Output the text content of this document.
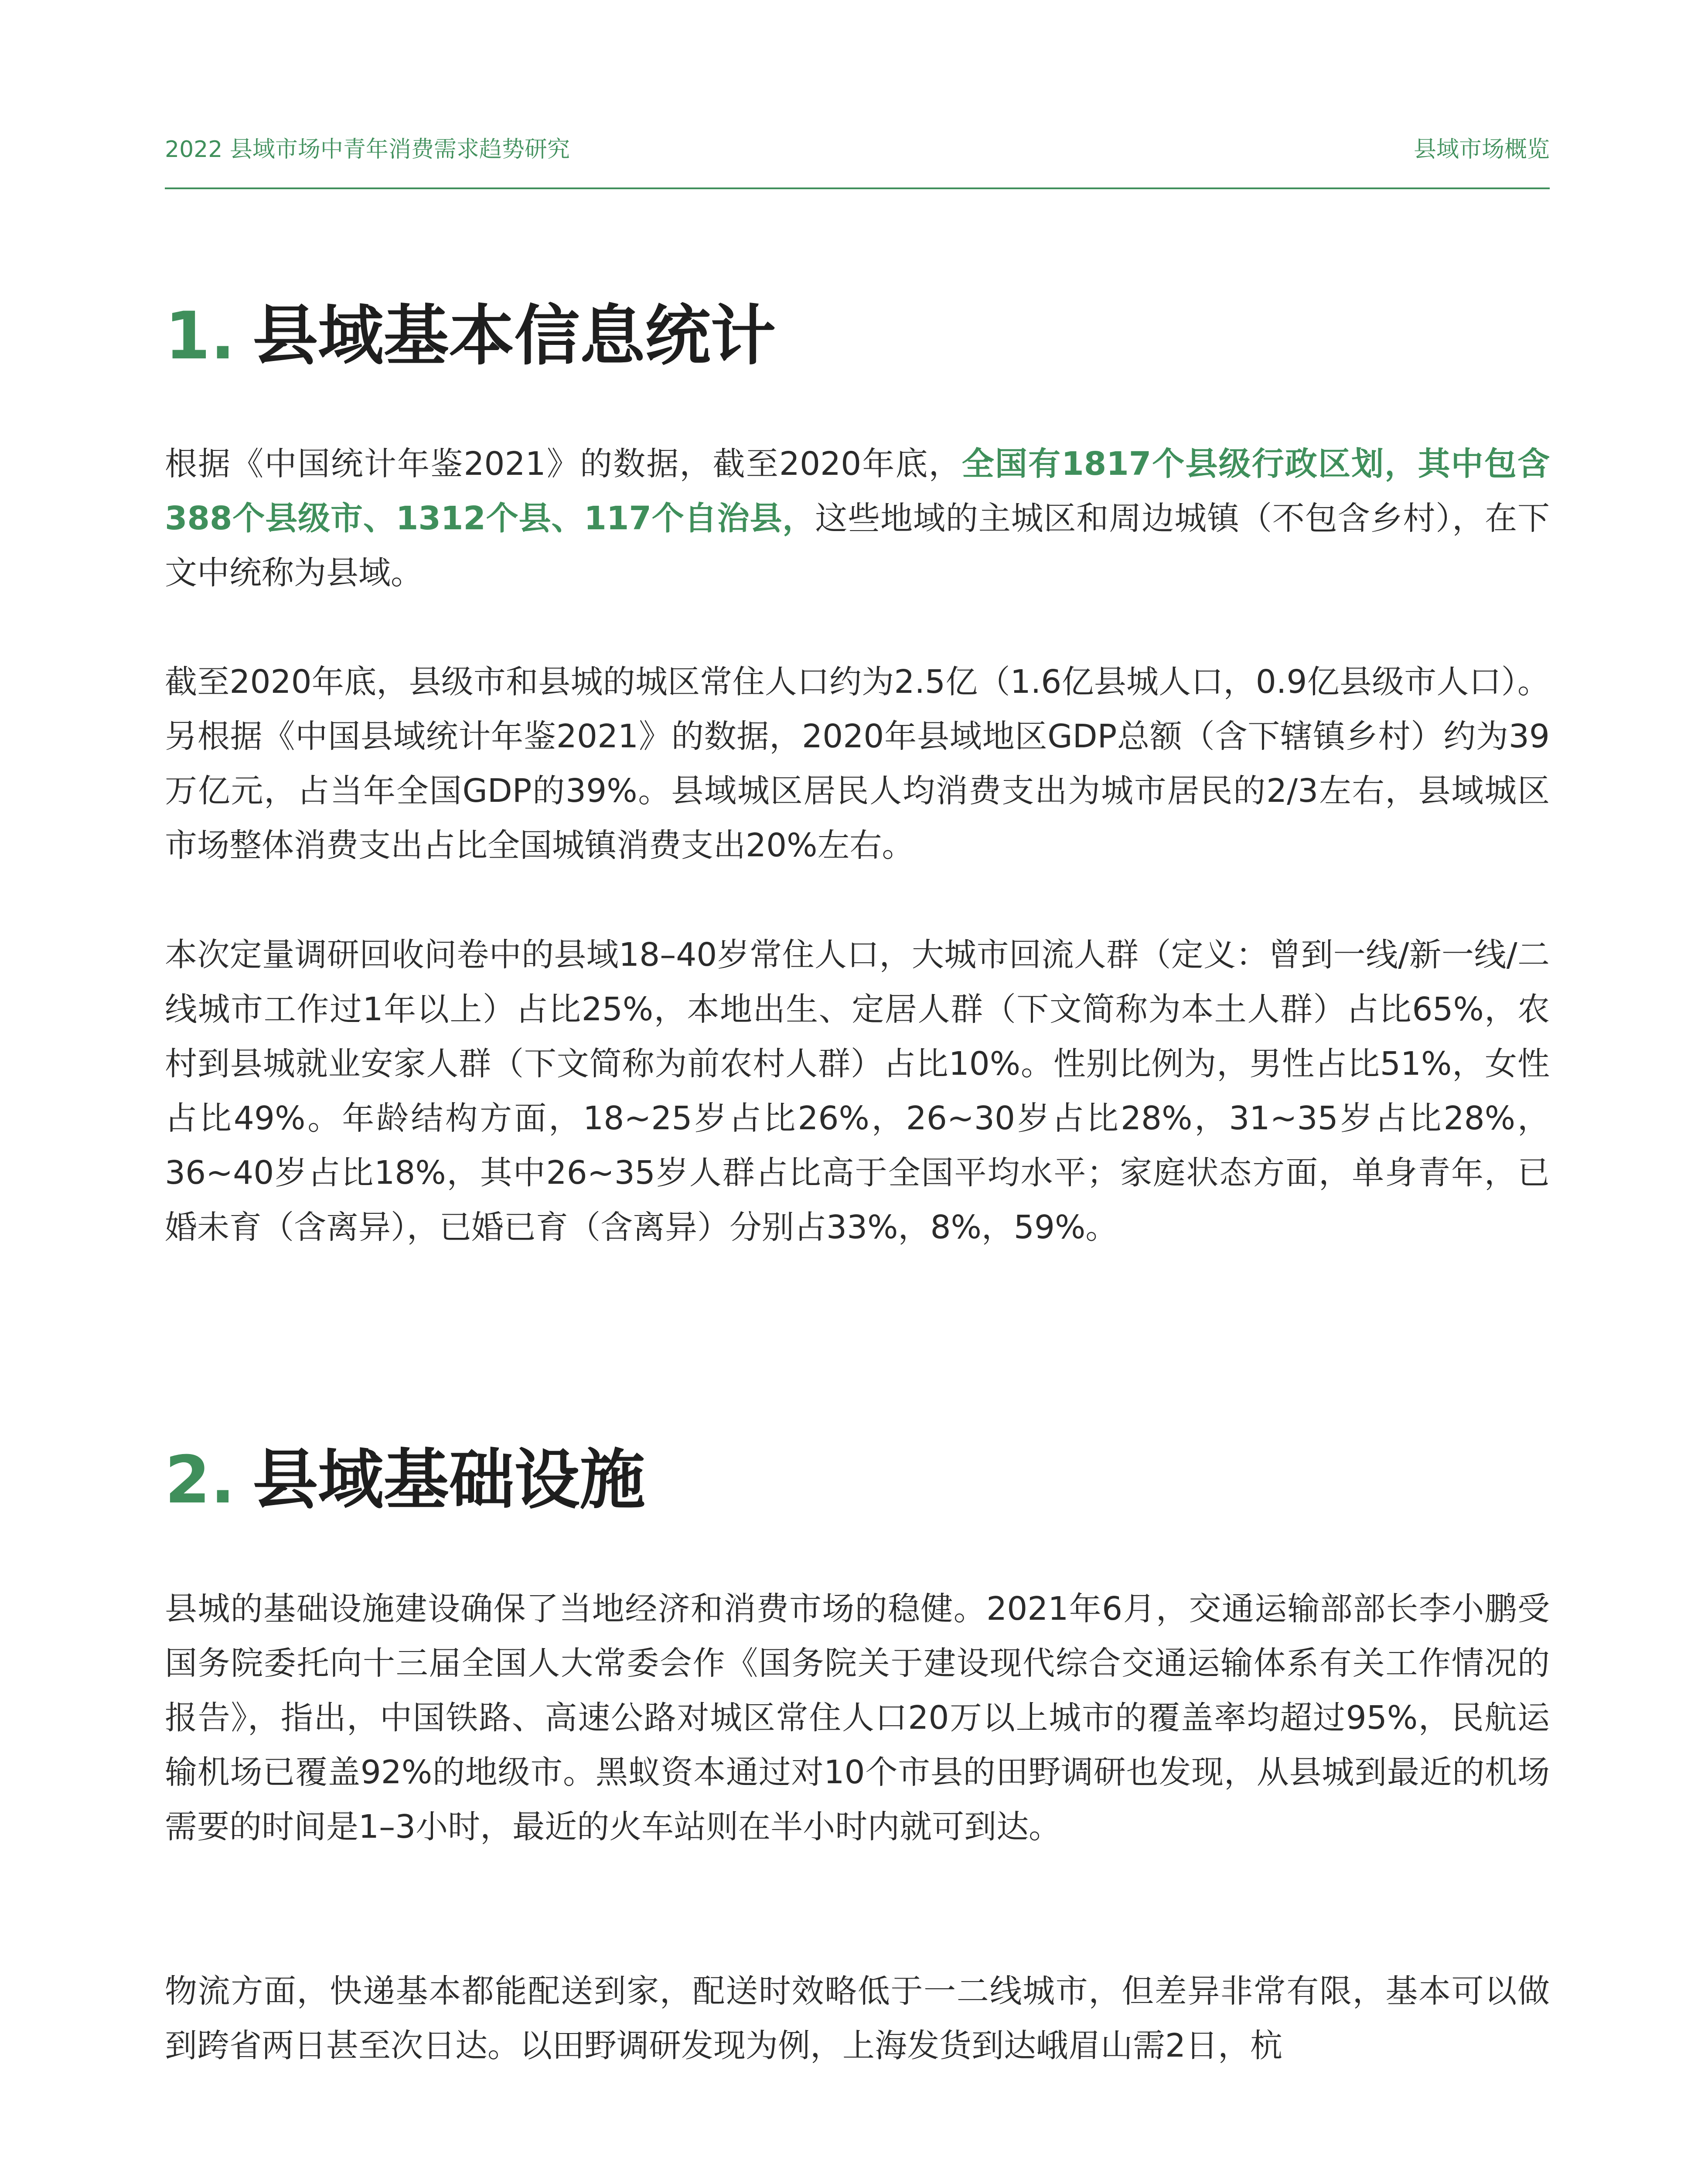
2022 县域市场中青年消费需求趋势研究	县域市场概览
1. 县域基本信息统计

根据《中国统计年鉴2021》的数据，截至2020年底，全国有1817个县级行政区划，其中包含388个县级市、1312个县、117个自治县，这些地域的主城区和周边城镇（不包含乡村），在下文中统称为县域。

截至2020年底，县级市和县城的城区常住人口约为2.5亿（1.6亿县城人口，0.9亿县级市人口）。另根据《中国县域统计年鉴2021》的数据，2020年县域地区GDP总额（含下辖镇乡村）约为39万亿元，占当年全国GDP的39%。县域城区居民人均消费支出为城市居民的2/3左右，县域城区市场整体消费支出占比全国城镇消费支出20%左右。

本次定量调研回收问卷中的县域18–40岁常住人口，大城市回流人群（定义：曾到一线/新一线/二线城市工作过1年以上）占比25%，本地出生、定居人群（下文简称为本土人群）占比65%，农村到县城就业安家人群（下文简称为前农村人群）占比10%。性别比例为，男性占比51%，女性占比49%。年龄结构方面，18~25岁占比26%，26~30岁占比28%，31~35岁占比28%，36~40岁占比18%，其中26~35岁人群占比高于全国平均水平；家庭状态方面，单身青年，已婚未育（含离异），已婚已育（含离异）分别占33%，8%，59%。

2. 县域基础设施

县城的基础设施建设确保了当地经济和消费市场的稳健。2021年6月，交通运输部部长李小鹏受国务院委托向十三届全国人大常委会作《国务院关于建设现代综合交通运输体系有关工作情况的报告》，指出，中国铁路、高速公路对城区常住人口20万以上城市的覆盖率均超过95%，民航运输机场已覆盖92%的地级市。黑蚁资本通过对10个市县的田野调研也发现，从县城到最近的机场需要的时间是1–3小时，最近的火车站则在半小时内就可到达。

物流方面，快递基本都能配送到家，配送时效略低于一二线城市，但差异非常有限，基本可以做到跨省两日甚至次日达。以田野调研发现为例，上海发货到达峨眉山需2日，杭
